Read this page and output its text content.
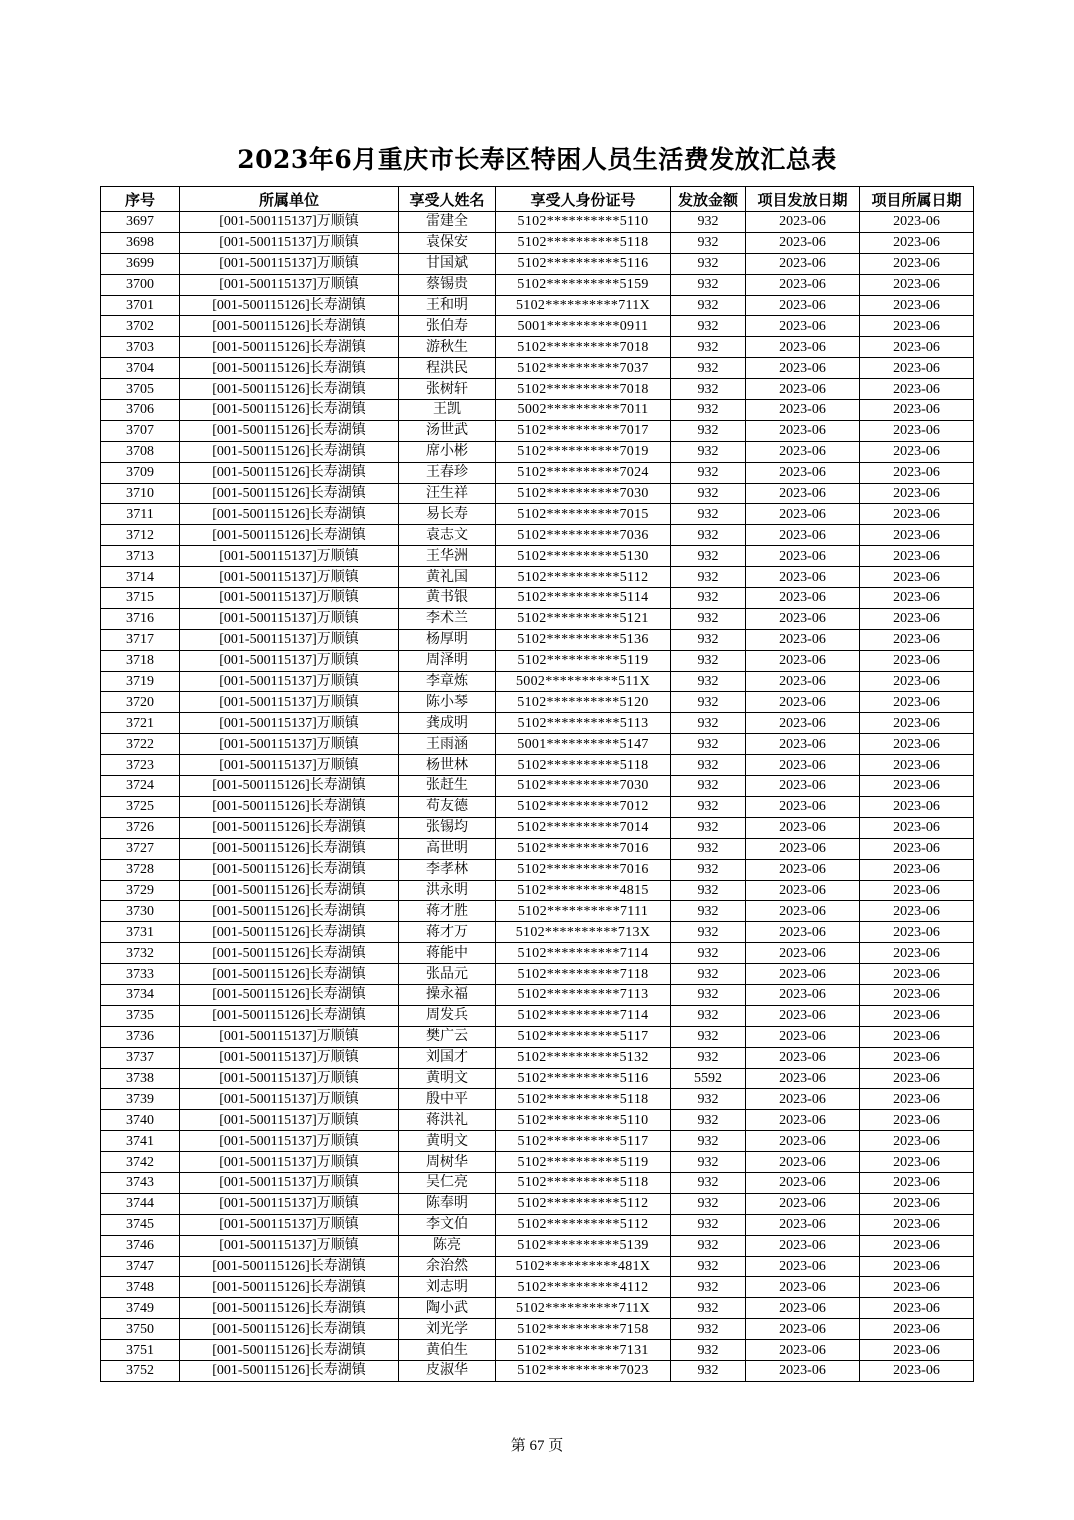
2023年6月重庆市长寿区特困人员生活费发放汇总表
序号	所属单位	享受人姓名	享受人身份证号	发放金额	项目发放日期	项目所属日期
3697	[001-500115137]万顺镇	雷建全	5102**********5110	932	2023-06	2023-06
3698	[001-500115137]万顺镇	袁保安	5102**********5118	932	2023-06	2023-06
3699	[001-500115137]万顺镇	甘国斌	5102**********5116	932	2023-06	2023-06
3700	[001-500115137]万顺镇	蔡锡贵	5102**********5159	932	2023-06	2023-06
3701	[001-500115126]长寿湖镇	王和明	5102**********711X	932	2023-06	2023-06
3702	[001-500115126]长寿湖镇	张伯寿	5001**********0911	932	2023-06	2023-06
3703	[001-500115126]长寿湖镇	游秋生	5102**********7018	932	2023-06	2023-06
3704	[001-500115126]长寿湖镇	程洪民	5102**********7037	932	2023-06	2023-06
3705	[001-500115126]长寿湖镇	张树轩	5102**********7018	932	2023-06	2023-06
3706	[001-500115126]长寿湖镇	王凯	5002**********7011	932	2023-06	2023-06
3707	[001-500115126]长寿湖镇	汤世武	5102**********7017	932	2023-06	2023-06
3708	[001-500115126]长寿湖镇	席小彬	5102**********7019	932	2023-06	2023-06
3709	[001-500115126]长寿湖镇	王春珍	5102**********7024	932	2023-06	2023-06
3710	[001-500115126]长寿湖镇	汪生祥	5102**********7030	932	2023-06	2023-06
3711	[001-500115126]长寿湖镇	易长寿	5102**********7015	932	2023-06	2023-06
3712	[001-500115126]长寿湖镇	袁志文	5102**********7036	932	2023-06	2023-06
3713	[001-500115137]万顺镇	王华洲	5102**********5130	932	2023-06	2023-06
3714	[001-500115137]万顺镇	黄礼国	5102**********5112	932	2023-06	2023-06
3715	[001-500115137]万顺镇	黄书银	5102**********5114	932	2023-06	2023-06
3716	[001-500115137]万顺镇	李术兰	5102**********5121	932	2023-06	2023-06
3717	[001-500115137]万顺镇	杨厚明	5102**********5136	932	2023-06	2023-06
3718	[001-500115137]万顺镇	周泽明	5102**********5119	932	2023-06	2023-06
3719	[001-500115137]万顺镇	李章炼	5002**********511X	932	2023-06	2023-06
3720	[001-500115137]万顺镇	陈小琴	5102**********5120	932	2023-06	2023-06
3721	[001-500115137]万顺镇	龚成明	5102**********5113	932	2023-06	2023-06
3722	[001-500115137]万顺镇	王雨涵	5001**********5147	932	2023-06	2023-06
3723	[001-500115137]万顺镇	杨世林	5102**********5118	932	2023-06	2023-06
3724	[001-500115126]长寿湖镇	张赶生	5102**********7030	932	2023-06	2023-06
3725	[001-500115126]长寿湖镇	苟友德	5102**********7012	932	2023-06	2023-06
3726	[001-500115126]长寿湖镇	张锡均	5102**********7014	932	2023-06	2023-06
3727	[001-500115126]长寿湖镇	高世明	5102**********7016	932	2023-06	2023-06
3728	[001-500115126]长寿湖镇	李孝林	5102**********7016	932	2023-06	2023-06
3729	[001-500115126]长寿湖镇	洪永明	5102**********4815	932	2023-06	2023-06
3730	[001-500115126]长寿湖镇	蒋才胜	5102**********7111	932	2023-06	2023-06
3731	[001-500115126]长寿湖镇	蒋才万	5102**********713X	932	2023-06	2023-06
3732	[001-500115126]长寿湖镇	蒋能中	5102**********7114	932	2023-06	2023-06
3733	[001-500115126]长寿湖镇	张品元	5102**********7118	932	2023-06	2023-06
3734	[001-500115126]长寿湖镇	操永福	5102**********7113	932	2023-06	2023-06
3735	[001-500115126]长寿湖镇	周发兵	5102**********7114	932	2023-06	2023-06
3736	[001-500115137]万顺镇	樊广云	5102**********5117	932	2023-06	2023-06
3737	[001-500115137]万顺镇	刘国才	5102**********5132	932	2023-06	2023-06
3738	[001-500115137]万顺镇	黄明文	5102**********5116	5592	2023-06	2023-06
3739	[001-500115137]万顺镇	殷中平	5102**********5118	932	2023-06	2023-06
3740	[001-500115137]万顺镇	蒋洪礼	5102**********5110	932	2023-06	2023-06
3741	[001-500115137]万顺镇	黄明文	5102**********5117	932	2023-06	2023-06
3742	[001-500115137]万顺镇	周树华	5102**********5119	932	2023-06	2023-06
3743	[001-500115137]万顺镇	吴仁亮	5102**********5118	932	2023-06	2023-06
3744	[001-500115137]万顺镇	陈奉明	5102**********5112	932	2023-06	2023-06
3745	[001-500115137]万顺镇	李文伯	5102**********5112	932	2023-06	2023-06
3746	[001-500115137]万顺镇	陈亮	5102**********5139	932	2023-06	2023-06
3747	[001-500115126]长寿湖镇	余治然	5102**********481X	932	2023-06	2023-06
3748	[001-500115126]长寿湖镇	刘志明	5102**********4112	932	2023-06	2023-06
3749	[001-500115126]长寿湖镇	陶小武	5102**********711X	932	2023-06	2023-06
3750	[001-500115126]长寿湖镇	刘光学	5102**********7158	932	2023-06	2023-06
3751	[001-500115126]长寿湖镇	黄伯生	5102**********7131	932	2023-06	2023-06
3752	[001-500115126]长寿湖镇	皮淑华	5102**********7023	932	2023-06	2023-06
第 67 页
